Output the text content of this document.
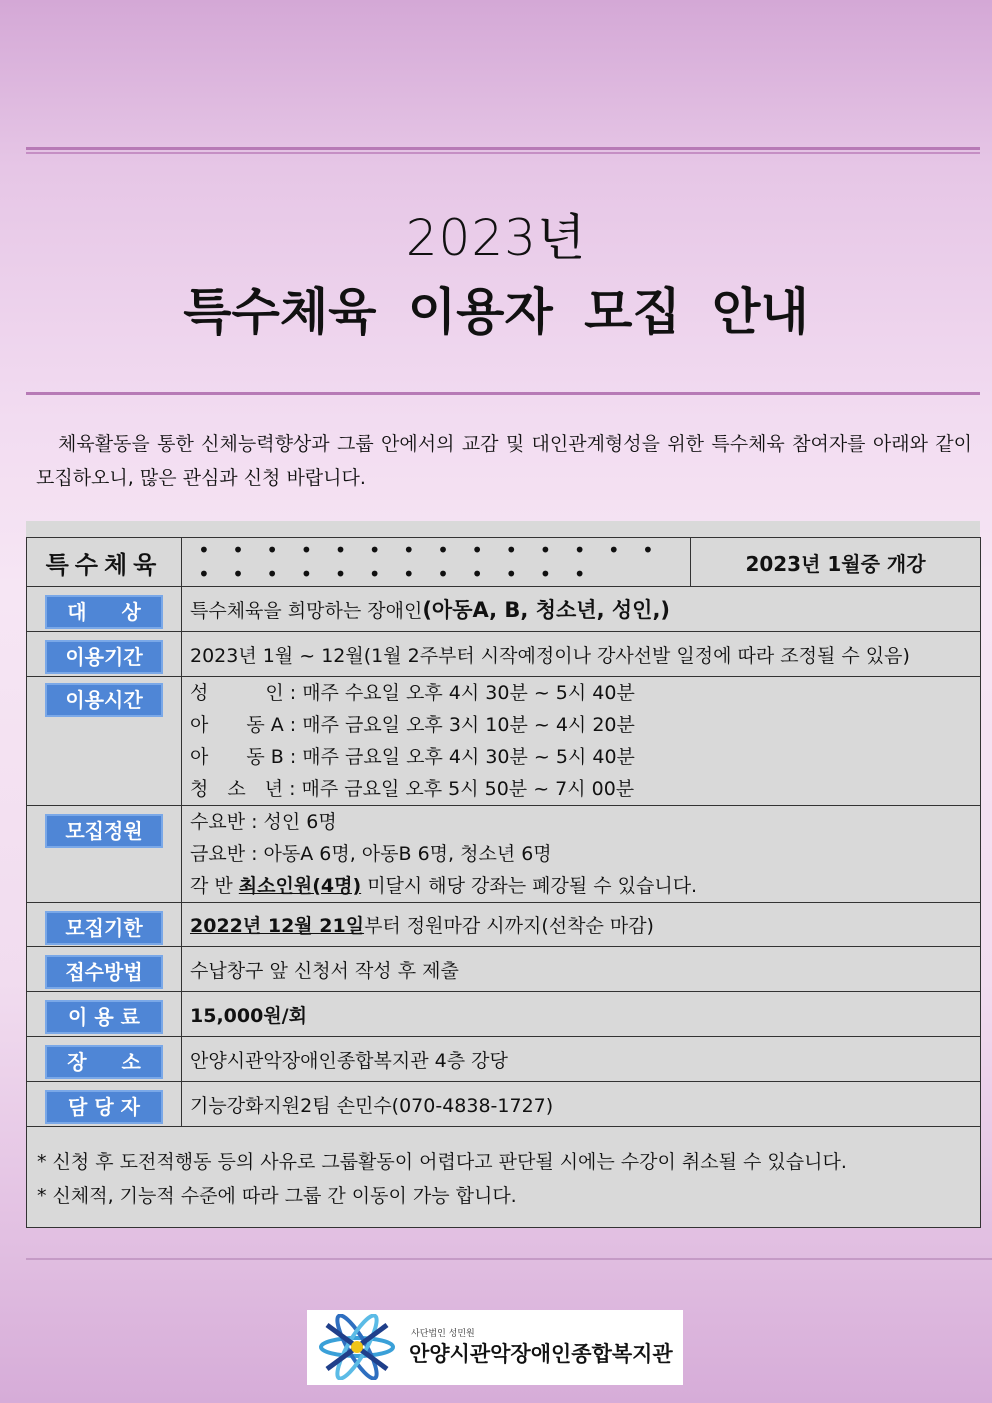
2023년
특수체육 이용자 모집 안내
체육활동을 통한 신체능력향상과 그룹 안에서의 교감 및 대인관계형성을 위한 특수체육 참여자를 아래와 같이 모집하오니, 많은 관심과 신청 바랍니다.
특수체육	• • • • • • • • • • • • • • • • • • • • • • • • • •	2023년 1월중 개강
대 상	특수체육을 희망하는 장애인(아동A, B, 청소년, 성인,)	
이용기간	2023년 1월 ~ 12월(1월 2주부터 시작예정이나 강사선발 일정에 따라 조정될 수 있음)	
이용시간	성　　　인 : 매주 수요일 오후 4시 30분 ~ 5시 40분
아　　동 A : 매주 금요일 오후 3시 10분 ~ 4시 20분
아　　동 B : 매주 금요일 오후 4시 30분 ~ 5시 40분
청　소　년 : 매주 금요일 오후 5시 50분 ~ 7시 00분	

모집정원	수요반 : 성인 6명
금요반 : 아동A 6명, 아동B 6명, 청소년 6명
각 반 최소인원(4명) 미달시 해당 강좌는 폐강될 수 있습니다.	

모집기한	2022년 12월 21일부터 정원마감 시까지(선착순 마감)	
접수방법	수납창구 앞 신청서 작성 후 제출	
이 용 료	15,000원/회	
장 소	안양시관악장애인종합복지관 4층 강당	
담 당 자	기능강화지원2팀 손민수(070-4838-1727)	

* 신청 후 도전적행동 등의 사유로 그룹활동이 어렵다고 판단될 시에는 수강이 취소될 수 있습니다.
* 신체적, 기능적 수준에 따라 그룹 간 이동이 가능 합니다.		
사단법인 성민원
안양시관악장애인종합복지관
